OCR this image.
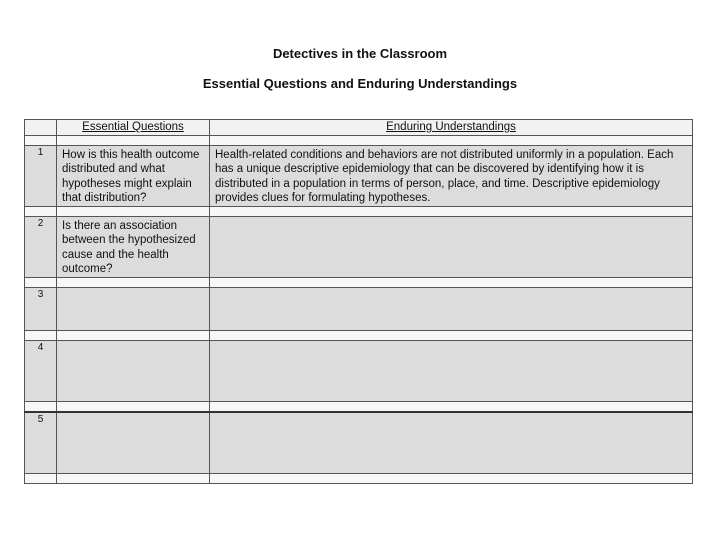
Detectives in the Classroom
Essential Questions and Enduring Understandings
	Essential Questions	Enduring Understandings

1	How is this health outcome distributed and what hypotheses might explain that distribution?	Health-related conditions and behaviors are not distributed uniformly in a population. Each has a unique descriptive epidemiology that can be discovered by identifying how it is distributed in a population in terms of person, place, and time. Descriptive epidemiology provides clues for formulating hypotheses.

2	Is there an association between the hypothesized cause and the health outcome?	

3		

4		

5		
